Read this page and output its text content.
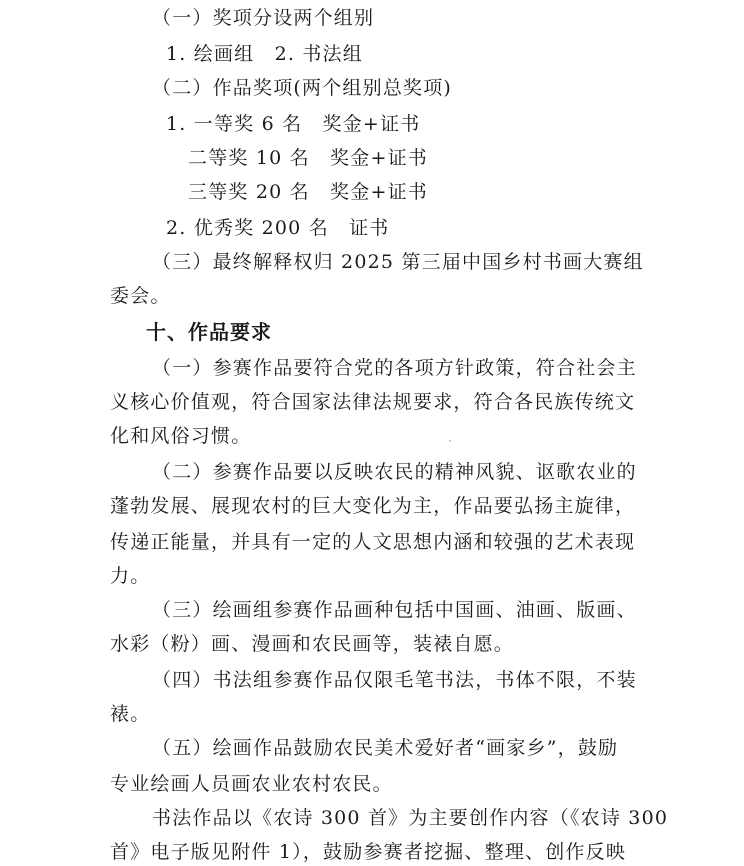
（一）奖项分设两个组别
1. 绘画组　2. 书法组
（二）作品奖项(两个组别总奖项)
1. 一等奖 6 名　奖金+证书
二等奖 10 名　奖金+证书
三等奖 20 名　奖金+证书
2. 优秀奖 200 名　证书
（三）最终解释权归 2025 第三届中国乡村书画大赛组
委会。
十、作品要求
（一）参赛作品要符合党的各项方针政策，符合社会主
义核心价值观，符合国家法律法规要求，符合各民族传统文
化和风俗习惯。
（二）参赛作品要以反映农民的精神风貌、讴歌农业的
蓬勃发展、展现农村的巨大变化为主，作品要弘扬主旋律，
传递正能量，并具有一定的人文思想内涵和较强的艺术表现
力。
（三）绘画组参赛作品画种包括中国画、油画、版画、
水彩（粉）画、漫画和农民画等，装裱自愿。
（四）书法组参赛作品仅限毛笔书法，书体不限，不装
裱。
（五）绘画作品鼓励农民美术爱好者“画家乡”，鼓励
专业绘画人员画农业农村农民。
书法作品以《农诗 300 首》为主要创作内容（《农诗 300
首》电子版见附件 1），鼓励参赛者挖掘、整理、创作反映
